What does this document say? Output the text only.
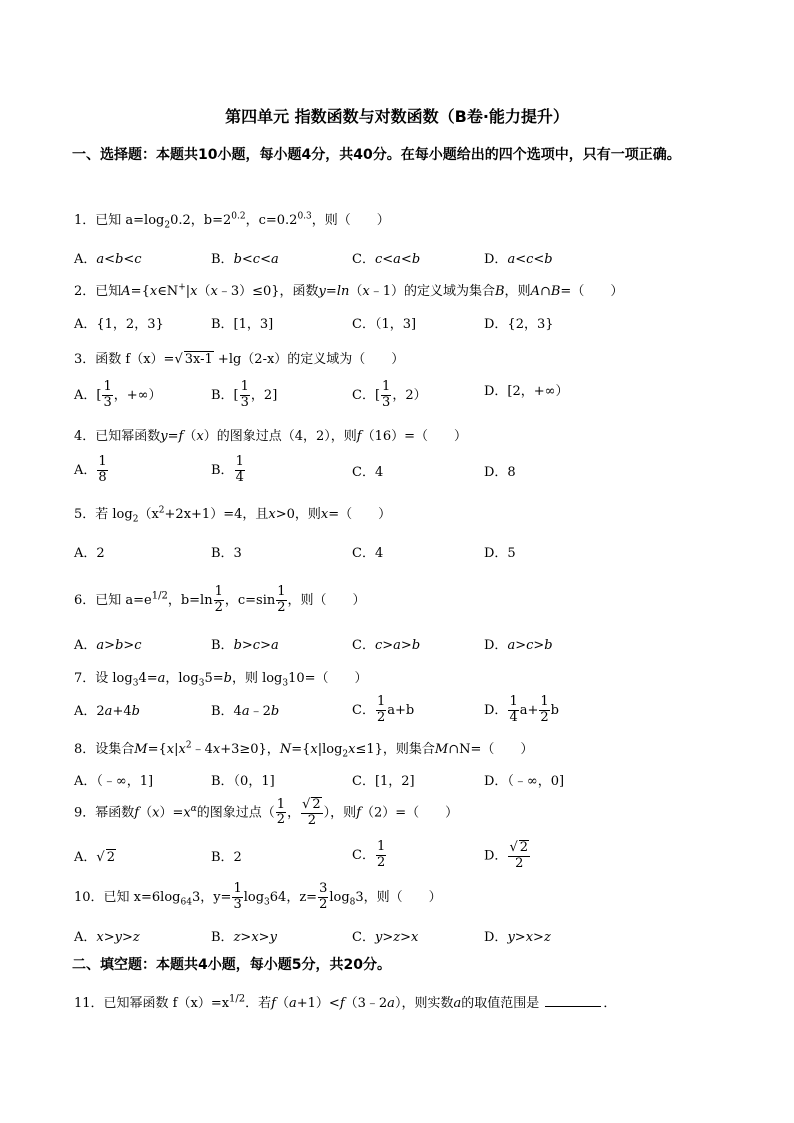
第四单元 指数函数与对数函数（B卷·能力提升）
一、选择题：本题共10小题，每小题4分，共40分。在每小题给出的四个选项中，只有一项正确。
1．已知 $a=\log_20.2$，$b=2^{0.2}$，$c=0.2^{0.3}$，则（　　）
A．a<b<c	B．b<c<a	C．c<a<b	D．a<c<b
2．已知A={x∈N+|x（x﹣3）≤0}，函数y=ln（x﹣1）的定义域为集合B，则A∩B=（　　）
A．{1，2，3}	B．[1，3]	C．（1，3]	D．{2，3}
3．函数 f（x）=√ 3x-1 +lg（2-x）的定义域为（　　）
A．[ $\frac{1}{3}$ ，+∞）	B．[ $\frac{1}{3}$ ，2]	C．[ $\frac{1}{3}$ ，2）	D．[2，+∞）
4．已知幂函数y=f（x）的图象过点（4，2），则f（16）=（　　）
A． $\frac{1}{8}$	B． $\frac{1}{4}$	C．4	D．8
5．若 $\log_2(x^2+2x+1)=4$，且x>0，则x=（　　）
A．2	B．3	C．4	D．5
6．已知 $a=e^{1/2}$，$b=\ln \frac{1}{2}$ ，$c=\sin \frac{1}{2}$ ，则（　　）
A．a>b>c	B．b>c>a	C．c>a>b	D．a>c>b
7．设 $\log_34=a$，$\log_35=b$，则 $\log_310=$（　　）
A．2a+4b	B．4a﹣2b	C． $\frac{1}{2} a+b$	D． $\frac{1}{4} a+ \frac{1}{2}$ b
8．设集合$M=\{x|x^2﹣4x+3\ge 0\}$，$N=\{x|\log_2x\le 1\}$，则集合M∩N=（　　）
A．（﹣∞，1]	B．（0，1]	C．[1，2]	D．（﹣∞，0]
9．幂函数$f(x)=x^\alpha$的图象过点（ $\frac{1}{2}$ ， $\frac{√ 2}{2}$ ），则f（2）=（　　）
A．√ 2	B．2	C． $\frac{1}{2}$	D． $\frac{√ 2}{2}$
10．已知 $x=6\log_{64}3$，$y= \frac{1}{3} \log_364$，$z= \frac{3}{2} \log_83$，则（　　）
A．x>y>z	B．z>x>y	C．y>z>x	D．y>x>z
二、填空题：本题共4小题，每小题5分，共20分。
11．已知幂函数 $f(x)=x^{1/2}$．若f（a+1）<f（3﹣2a），则实数a的取值范围是	．
